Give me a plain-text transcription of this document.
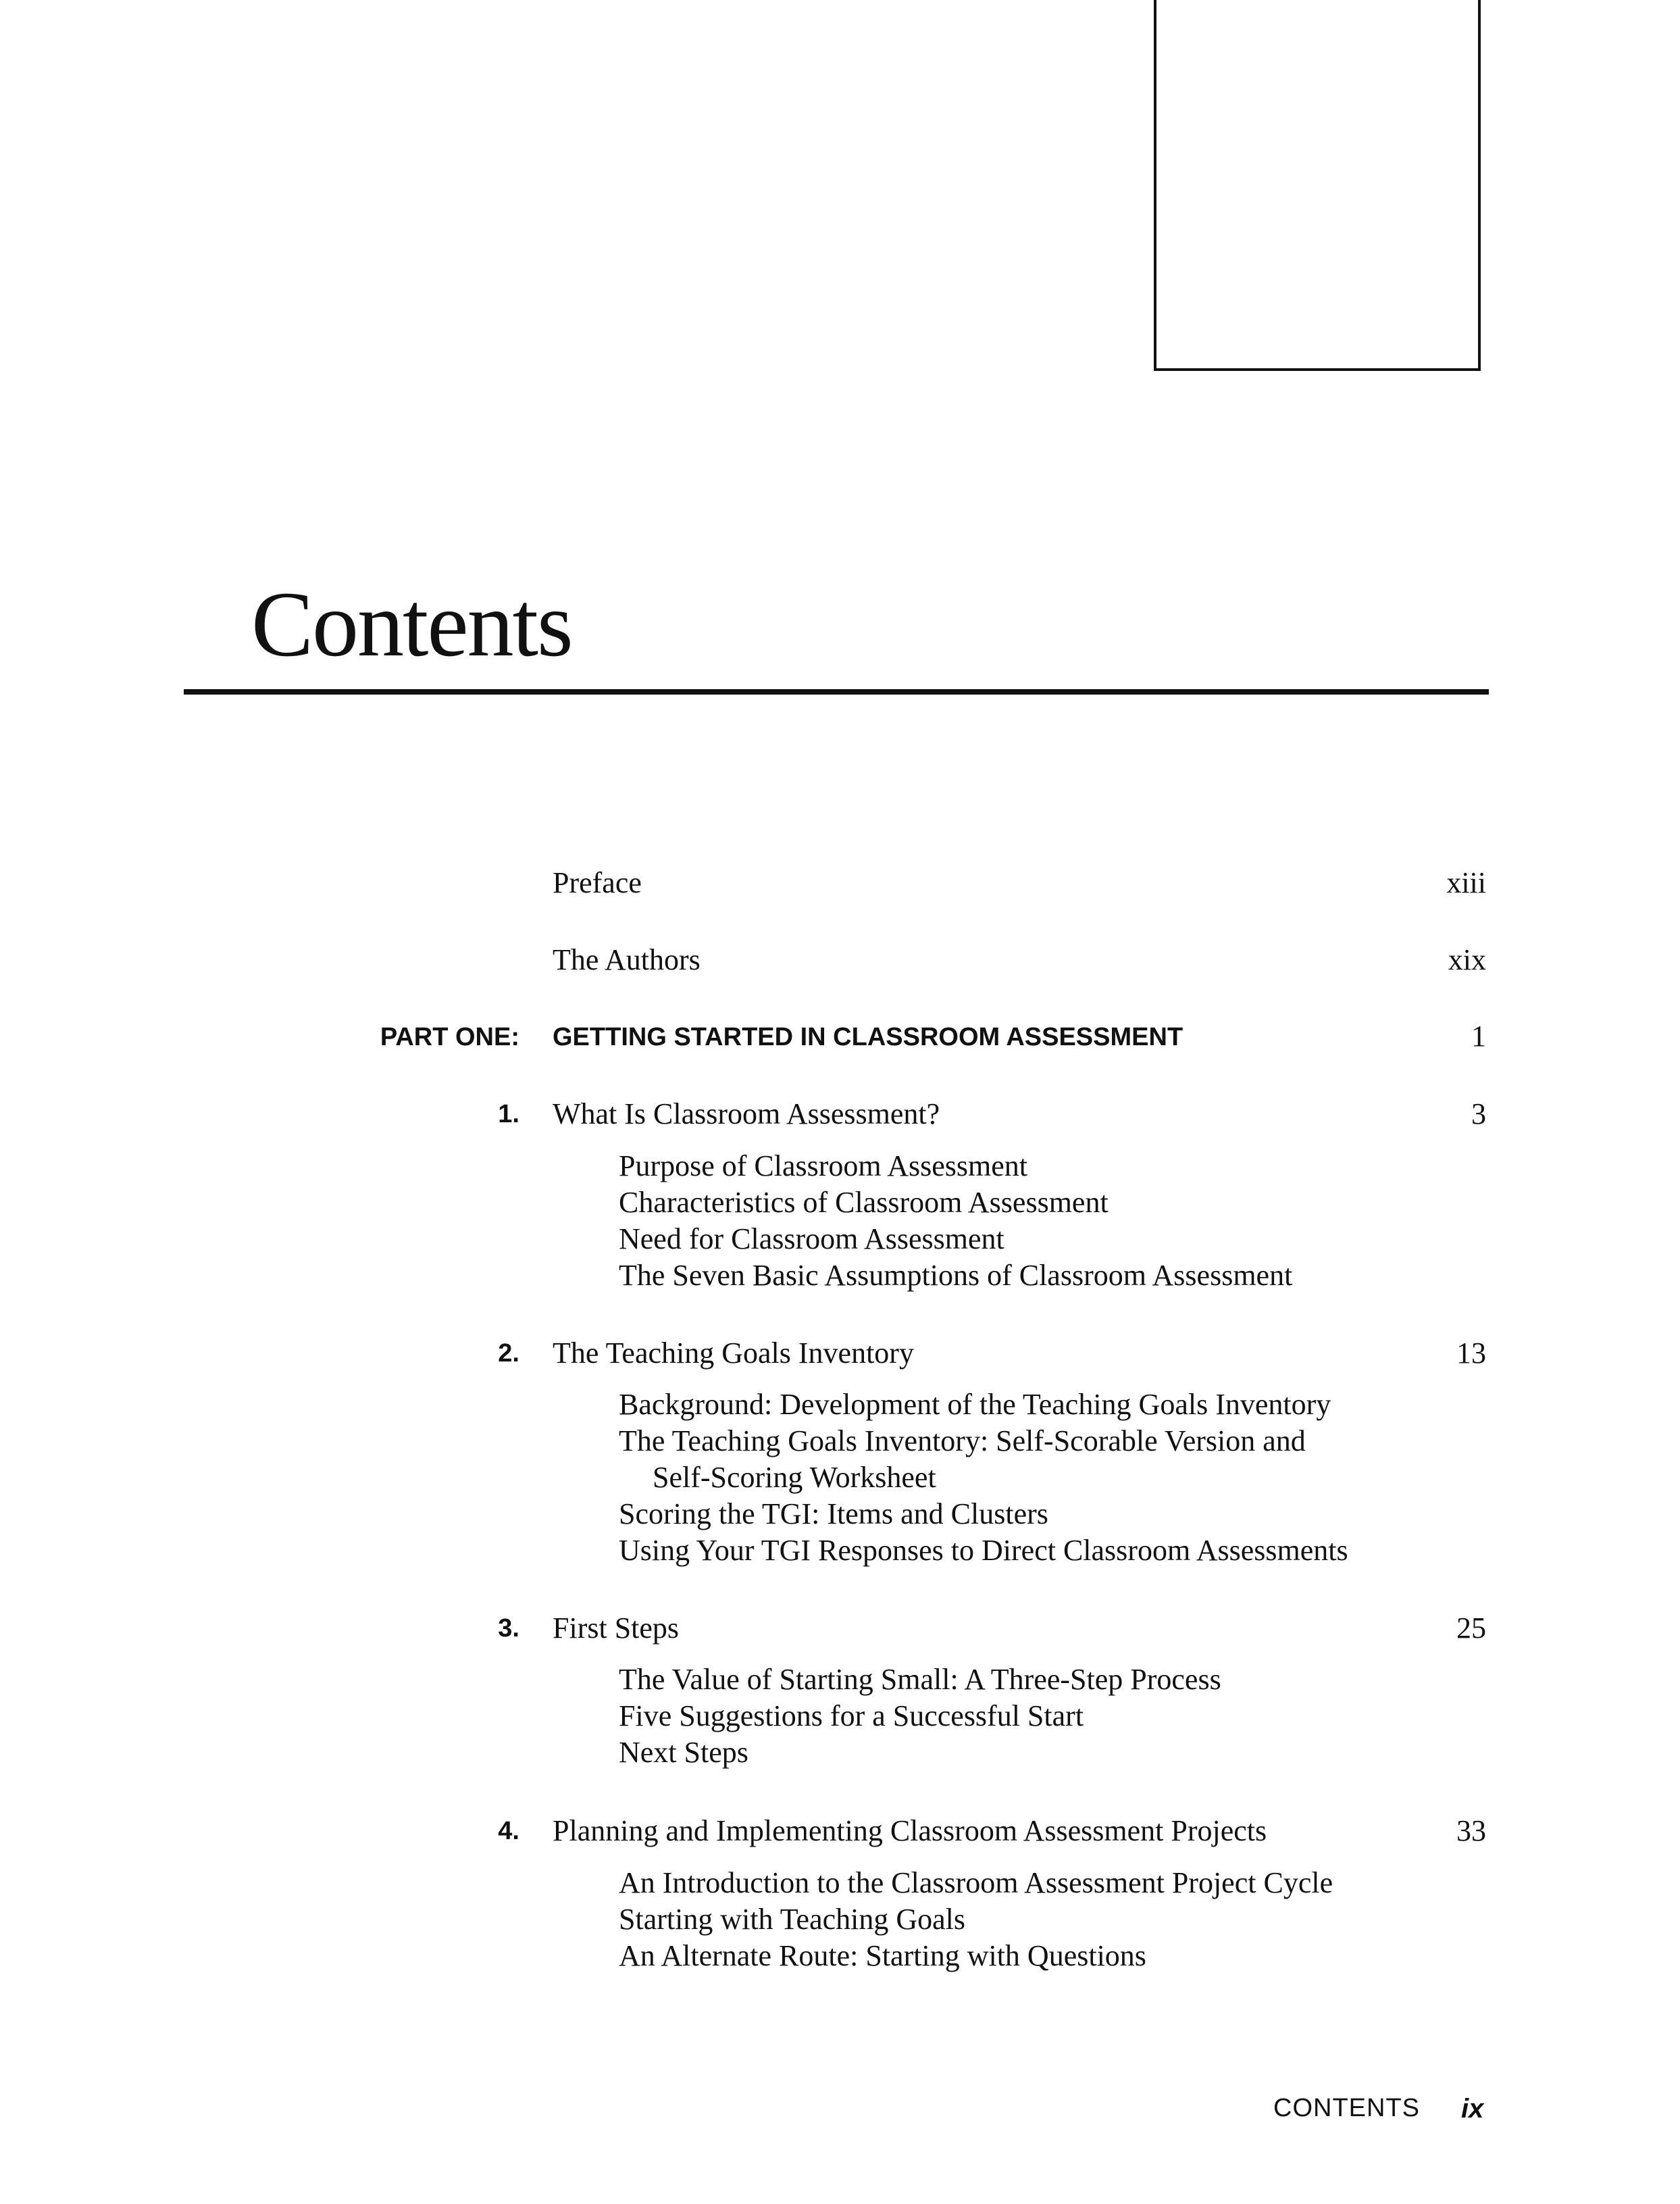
Contents
Preface	xiii
The Authors	xix
PART ONE: GETTING STARTED IN CLASSROOM ASSESSMENT	1
1. What Is Classroom Assessment?	3
Purpose of Classroom Assessment
Characteristics of Classroom Assessment
Need for Classroom Assessment
The Seven Basic Assumptions of Classroom Assessment
2. The Teaching Goals Inventory	13
Background: Development of the Teaching Goals Inventory
The Teaching Goals Inventory: Self-Scorable Version and
Self-Scoring Worksheet
Scoring the TGI: Items and Clusters
Using Your TGI Responses to Direct Classroom Assessments
3. First Steps	25
The Value of Starting Small: A Three-Step Process
Five Suggestions for a Successful Start
Next Steps
4. Planning and Implementing Classroom Assessment Projects	33
An Introduction to the Classroom Assessment Project Cycle
Starting with Teaching Goals
An Alternate Route: Starting with Questions
CONTENTS ix
